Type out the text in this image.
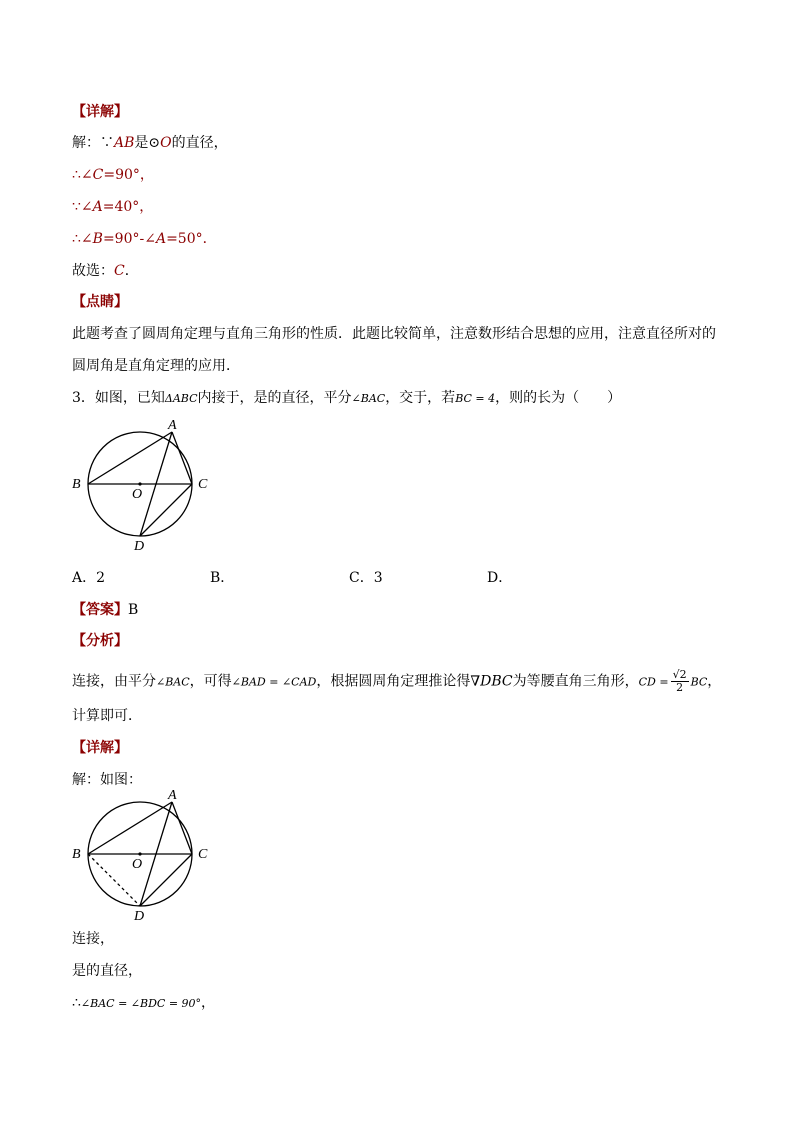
【详解】
解：∵AB是⊙O的直径，
∴∠C=90°，
∵∠A=40°，
∴∠B=90°-∠A=50°．
故选：C．
【点睛】
此题考查了圆周角定理与直角三角形的性质．此题比较简单，注意数形结合思想的应用，注意直径所对的
圆周角是直角定理的应用．
3．如图，已知ΔABC内接于，是的直径，平分∠BAC，交于，若BC = 4，则的长为（　　）
A
B	C
D
O
A．2	B．	C．3	D．
【答案】B
【分析】
连接，由平分∠BAC，可得∠BAD = ∠CAD，根据圆周角定理推论得∇DBC为等腰直角三角形，CD = $\frac{√2}{2}$ BC，
计算即可．
【详解】
解：如图：
A
B	C
D
O
连接，
是的直径，
∴∠BAC = ∠BDC = 90°，
